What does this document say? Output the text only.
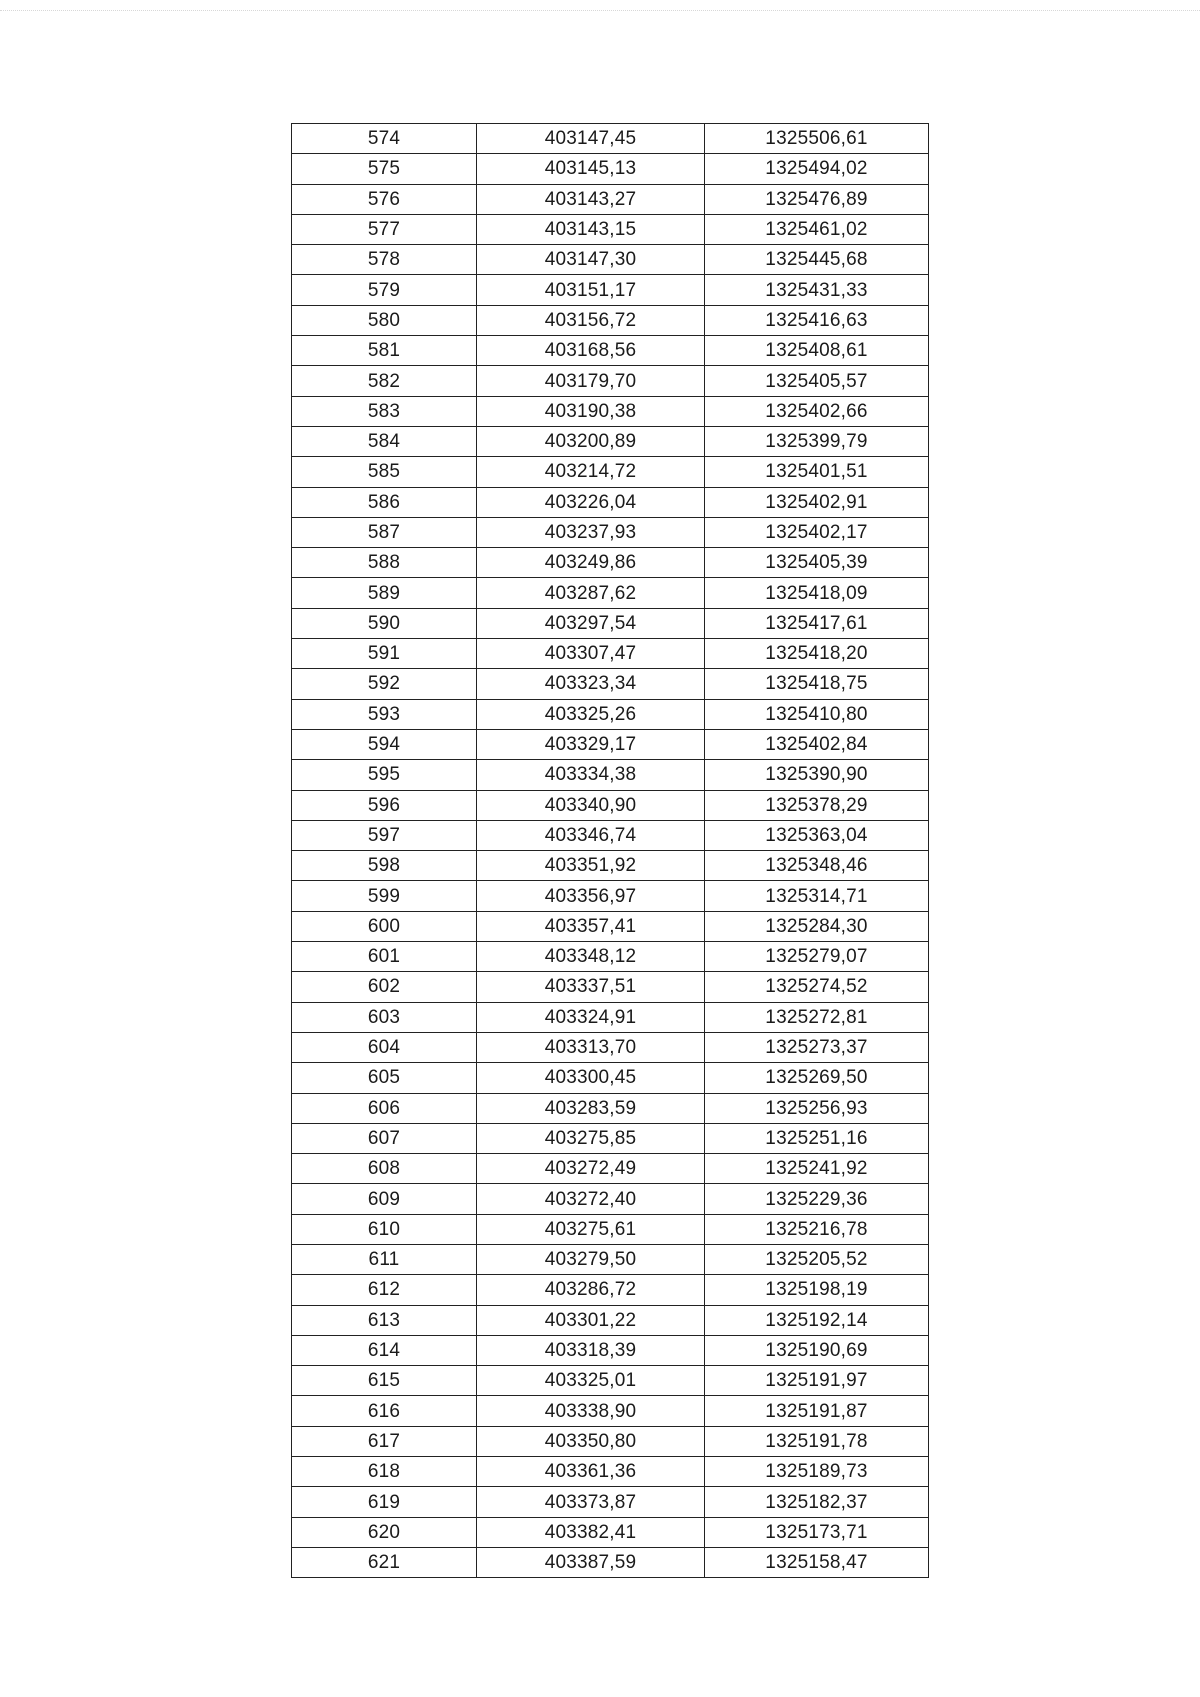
574	403147,45	1325506,61
575	403145,13	1325494,02
576	403143,27	1325476,89
577	403143,15	1325461,02
578	403147,30	1325445,68
579	403151,17	1325431,33
580	403156,72	1325416,63
581	403168,56	1325408,61
582	403179,70	1325405,57
583	403190,38	1325402,66
584	403200,89	1325399,79
585	403214,72	1325401,51
586	403226,04	1325402,91
587	403237,93	1325402,17
588	403249,86	1325405,39
589	403287,62	1325418,09
590	403297,54	1325417,61
591	403307,47	1325418,20
592	403323,34	1325418,75
593	403325,26	1325410,80
594	403329,17	1325402,84
595	403334,38	1325390,90
596	403340,90	1325378,29
597	403346,74	1325363,04
598	403351,92	1325348,46
599	403356,97	1325314,71
600	403357,41	1325284,30
601	403348,12	1325279,07
602	403337,51	1325274,52
603	403324,91	1325272,81
604	403313,70	1325273,37
605	403300,45	1325269,50
606	403283,59	1325256,93
607	403275,85	1325251,16
608	403272,49	1325241,92
609	403272,40	1325229,36
610	403275,61	1325216,78
611	403279,50	1325205,52
612	403286,72	1325198,19
613	403301,22	1325192,14
614	403318,39	1325190,69
615	403325,01	1325191,97
616	403338,90	1325191,87
617	403350,80	1325191,78
618	403361,36	1325189,73
619	403373,87	1325182,37
620	403382,41	1325173,71
621	403387,59	1325158,47
